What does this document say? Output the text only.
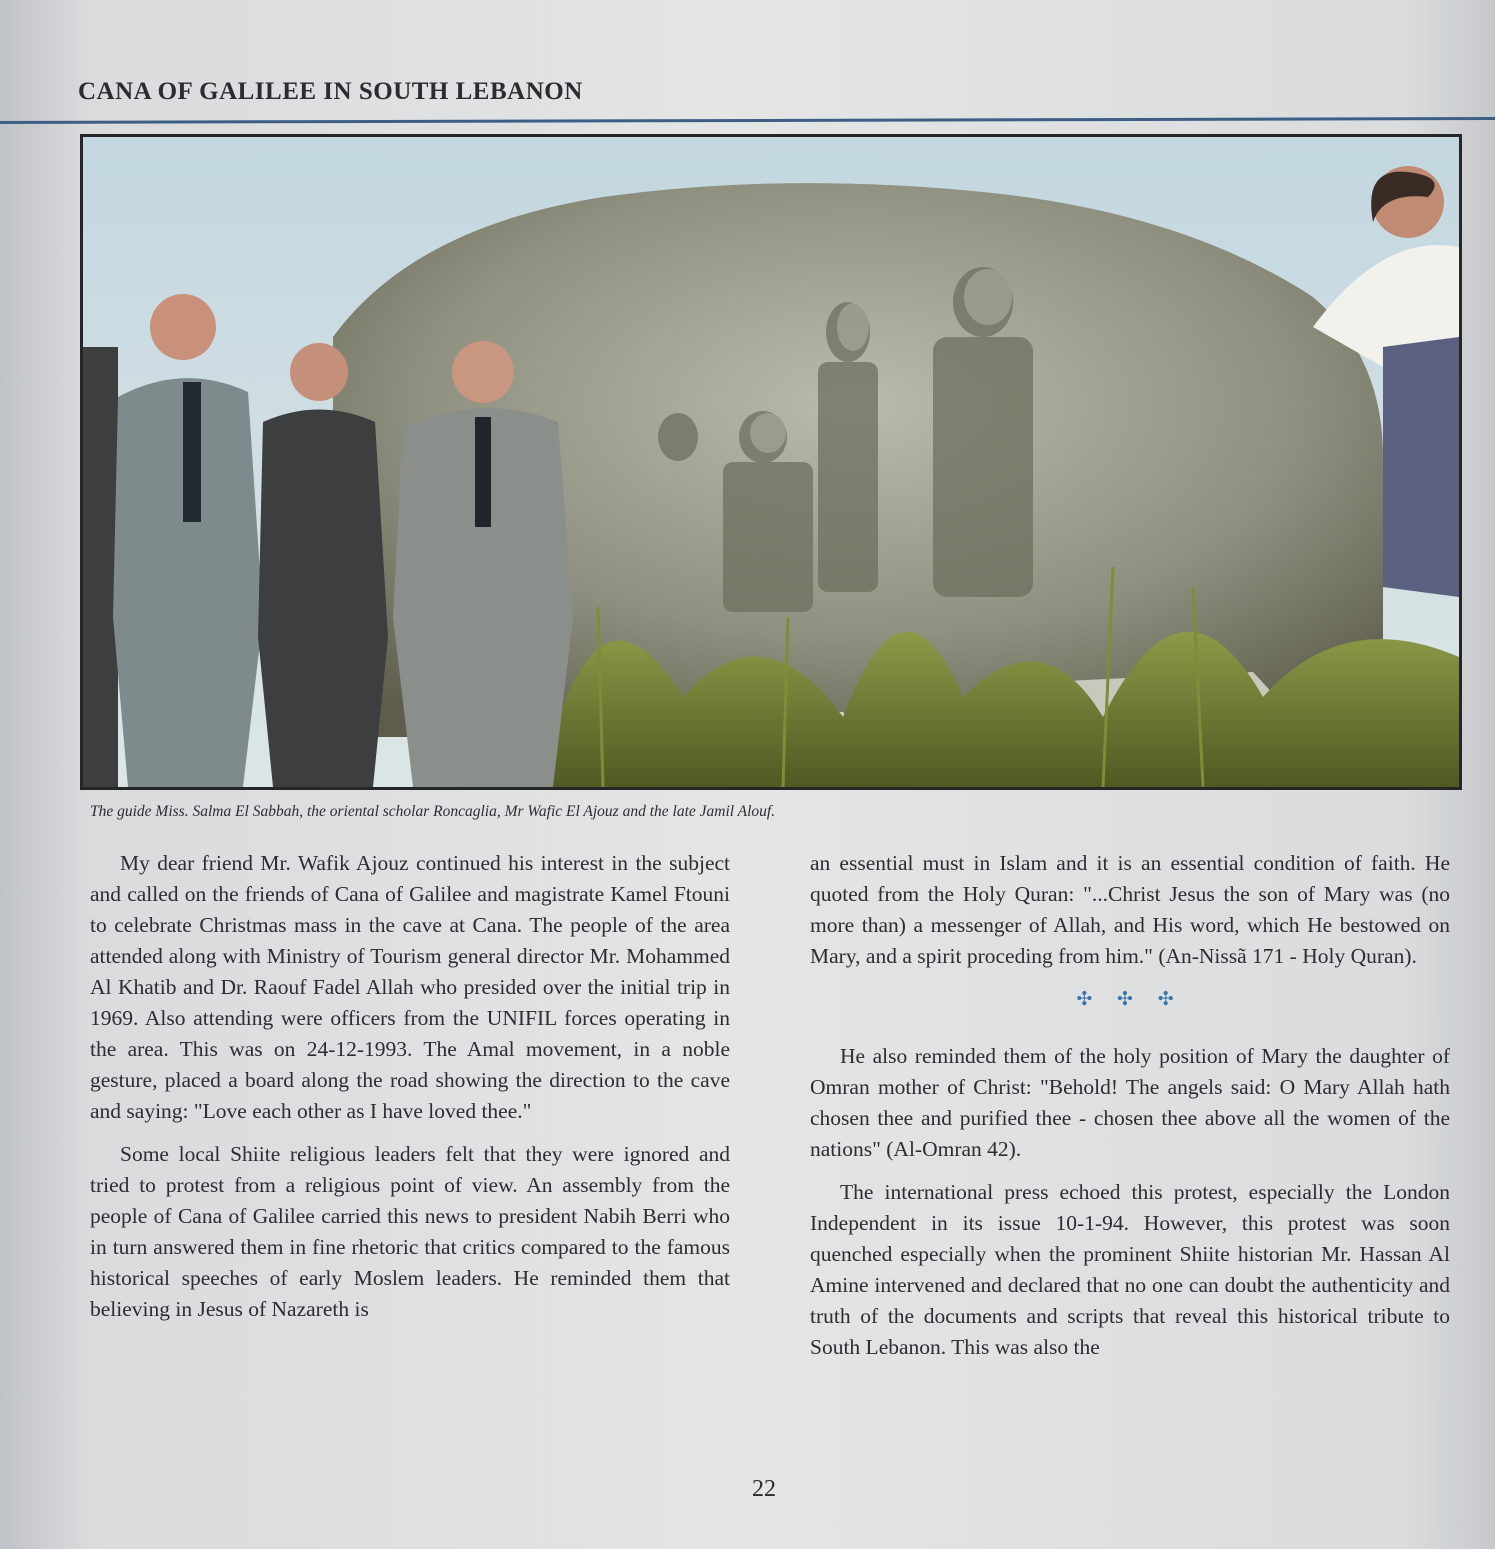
CANA OF GALILEE IN SOUTH LEBANON
The guide Miss. Salma El Sabbah, the oriental scholar Roncaglia, Mr Wafic El Ajouz and the late Jamil Alouf.

My dear friend Mr. Wafik Ajouz continued his interest in the subject and called on the friends of Cana of Galilee and magistrate Kamel Ftouni to celebrate Christmas mass in the cave at Cana. The people of the area attended along with Ministry of Tourism general director Mr. Mohammed Al Khatib and Dr. Raouf Fadel Allah who presided over the initial trip in 1969. Also attending were officers from the UNIFIL forces operating in the area. This was on 24-12-1993. The Amal movement, in a noble gesture, placed a board along the road showing the direction to the cave and saying: "Love each other as I have loved thee."

Some local Shiite religious leaders felt that they were ignored and tried to protest from a religious point of view. An assembly from the people of Cana of Galilee carried this news to president Nabih Berri who in turn answered them in fine rhetoric that critics compared to the famous historical speeches of early Moslem leaders. He reminded them that believing in Jesus of Nazareth is

an essential must in Islam and it is an essential condition of faith. He quoted from the Holy Quran: "...Christ Jesus the son of Mary was (no more than) a messenger of Allah, and His word, which He bestowed on Mary, and a spirit proceding from him." (An-Nissã 171 - Holy Quran).

✣ ✣ ✣

He also reminded them of the holy position of Mary the daughter of Omran mother of Christ: "Behold! The angels said: O Mary Allah hath chosen thee and purified thee - chosen thee above all the women of the nations" (Al-Omran 42).

The international press echoed this protest, especially the London Independent in its issue 10-1-94. However, this protest was soon quenched especially when the prominent Shiite historian Mr. Hassan Al Amine intervened and declared that no one can doubt the authenticity and truth of the documents and scripts that reveal this historical tribute to South Lebanon. This was also the

22
